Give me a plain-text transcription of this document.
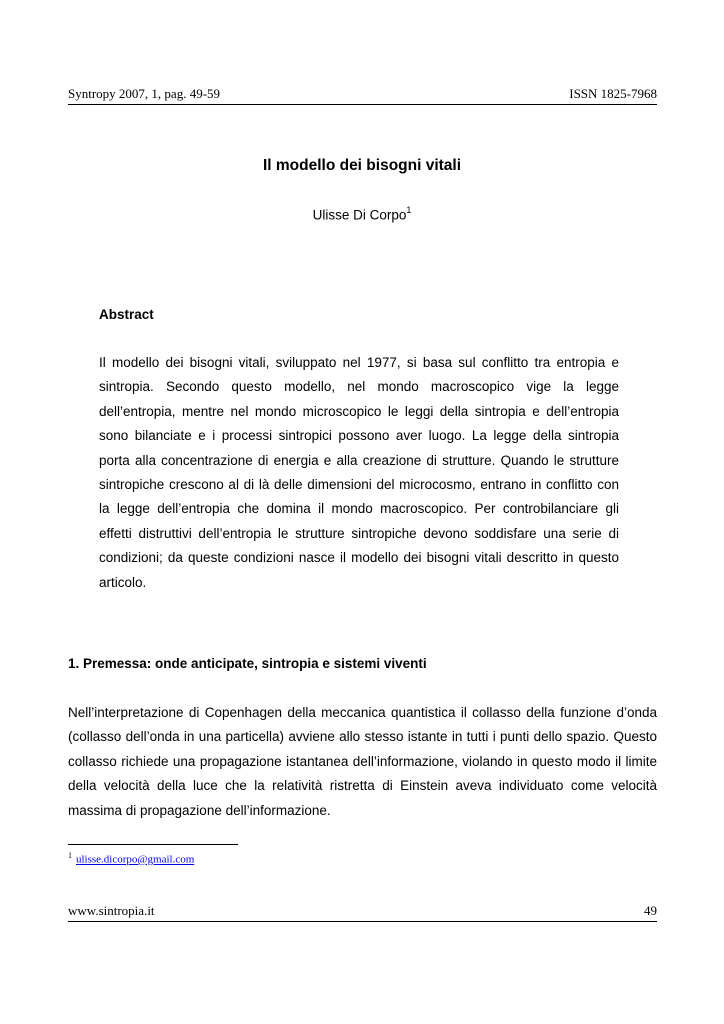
Syntropy 2007, 1, pag. 49-59	ISSN 1825-7968
Il modello dei bisogni vitali
Ulisse Di Corpo$^1$
Abstract

Il modello dei bisogni vitali, sviluppato nel 1977, si basa sul conflitto tra entropia e sintropia. Secondo questo modello, nel mondo macroscopico vige la legge dell’entropia, mentre nel mondo microscopico le leggi della sintropia e dell’entropia sono bilanciate e i processi sintropici possono aver luogo. La legge della sintropia porta alla concentrazione di energia e alla creazione di strutture. Quando le strutture sintropiche crescono al di là delle dimensioni del microcosmo, entrano in conflitto con la legge dell’entropia che domina il mondo macroscopico. Per controbilanciare gli effetti distruttivi dell’entropia le strutture sintropiche devono soddisfare una serie di condizioni; da queste condizioni nasce il modello dei bisogni vitali descritto in questo articolo.

1. Premessa: onde anticipate, sintropia e sistemi viventi

Nell’interpretazione di Copenhagen della meccanica quantistica il collasso della funzione d’onda (collasso dell’onda in una particella) avviene allo stesso istante in tutti i punti dello spazio. Questo collasso richiede una propagazione istantanea dell’informazione, violando in questo modo il limite della velocità della luce che la relatività ristretta di Einstein aveva individuato come velocità massima di propagazione dell’informazione.

$^1$ ulisse.dicorpo@gmail.com
www.sintropia.it	49
